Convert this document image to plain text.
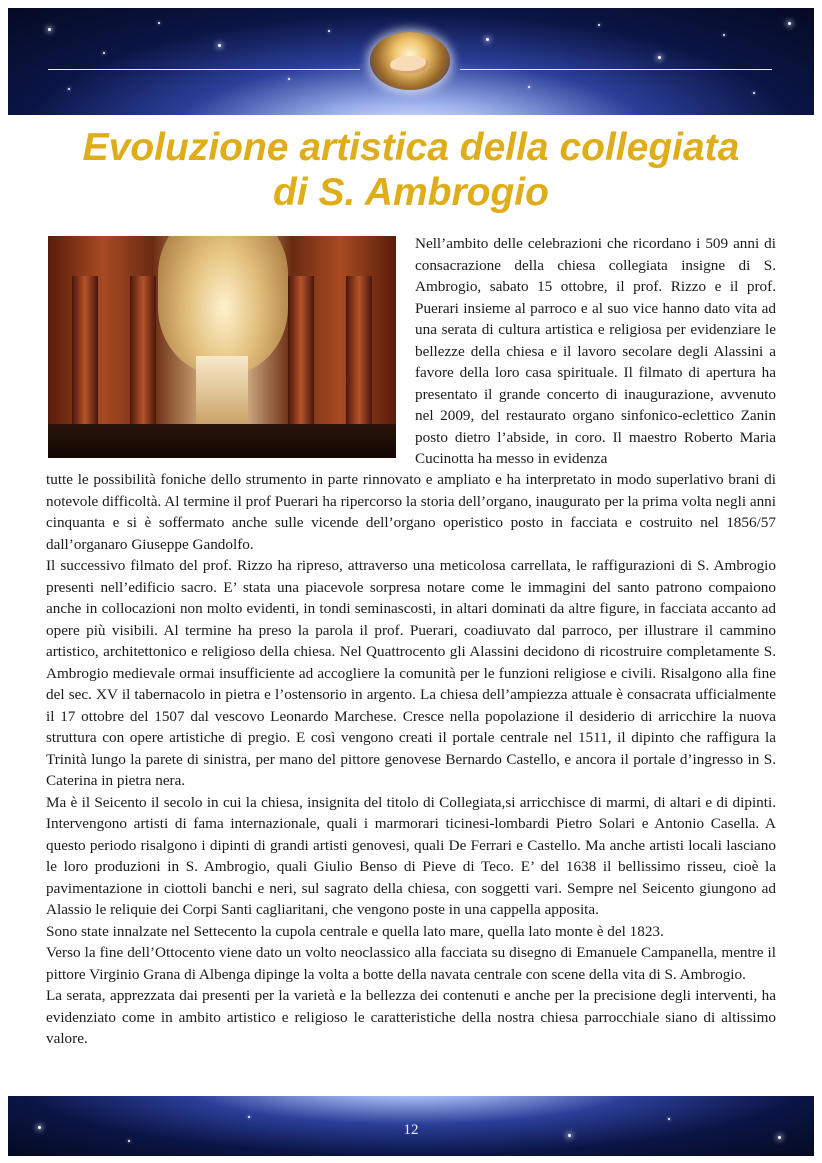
Evoluzione artistica della collegiata
di S. Ambrogio

Nell’ambito delle celebrazioni che ricordano i 509 anni di consacrazione della chiesa collegiata insigne di S. Ambrogio, sabato 15 ottobre, il prof. Rizzo e il prof. Puerari insieme al parroco e al suo vice hanno dato vita ad una serata di cultura artistica e religiosa per evidenziare le bellezze della chiesa e il lavoro secolare degli Alassini a favore della loro casa spirituale. Il filmato di apertura ha presentato il grande concerto di inaugurazione, avvenuto nel 2009, del restaurato organo sinfonico-eclettico Zanin posto dietro l’abside, in coro. Il maestro Roberto Maria Cucinotta ha messo in evidenza

tutte le possibilità foniche dello strumento in parte rinnovato e ampliato e ha interpretato in modo superlativo brani di notevole difficoltà. Al termine il prof Puerari ha ripercorso la storia dell’organo, inaugurato per la prima volta negli anni cinquanta e si è soffermato anche sulle vicende dell’organo operistico posto in facciata e costruito nel 1856/57 dall’organaro Giuseppe Gandolfo.

Il successivo filmato del prof. Rizzo ha ripreso, attraverso una meticolosa carrellata, le raffigurazioni di S. Ambrogio presenti nell’edificio sacro. E’ stata una piacevole sorpresa notare come le immagini del santo patrono compaiono anche in collocazioni non molto evidenti, in tondi seminascosti, in altari dominati da altre figure, in facciata accanto ad opere più visibili. Al termine ha preso la parola il prof. Puerari, coadiuvato dal parroco, per illustrare il cammino artistico, architettonico e religioso della chiesa. Nel Quattrocento gli Alassini decidono di ricostruire completamente S. Ambrogio medievale ormai insufficiente ad accogliere la comunità per le funzioni religiose e civili. Risalgono alla fine del sec. XV il tabernacolo in pietra e l’ostensorio in argento. La chiesa dell’ampiezza attuale è consacrata ufficialmente il 17 ottobre del 1507 dal vescovo Leonardo Marchese. Cresce nella popolazione il desiderio di arricchire la nuova struttura con opere artistiche di pregio. E così vengono creati il portale centrale nel 1511, il dipinto che raffigura la Trinità lungo la parete di sinistra, per mano del pittore genovese Bernardo Castello, e ancora il portale d’ingresso in S. Caterina in pietra nera.

Ma è il Seicento il secolo in cui la chiesa, insignita del titolo di Collegiata,si arricchisce di marmi, di altari e di dipinti. Intervengono artisti di fama internazionale, quali i marmorari ticinesi-lombardi Pietro Solari e Antonio Casella. A questo periodo risalgono i dipinti di grandi artisti genovesi, quali De Ferrari e Castello. Ma anche artisti locali lasciano le loro produzioni in S. Ambrogio, quali Giulio Benso di Pieve di Teco. E’ del 1638 il bellissimo risseu, cioè la pavimentazione in ciottoli banchi e neri, sul sagrato della chiesa, con soggetti vari. Sempre nel Seicento giungono ad Alassio le reliquie dei Corpi Santi cagliaritani, che vengono poste in una cappella apposita.

Sono state innalzate nel Settecento la cupola centrale e quella lato mare, quella lato monte è del 1823.

Verso la fine dell’Ottocento viene dato un volto neoclassico alla facciata su disegno di Emanuele Campanella, mentre il pittore Virginio Grana di Albenga dipinge la volta a botte della navata centrale con scene della vita di S. Ambrogio.

La serata, apprezzata dai presenti per la varietà e la bellezza dei contenuti e anche per la precisione degli interventi, ha evidenziato come in ambito artistico e religioso le caratteristiche della nostra chiesa parrocchiale siano di altissimo valore.

12
